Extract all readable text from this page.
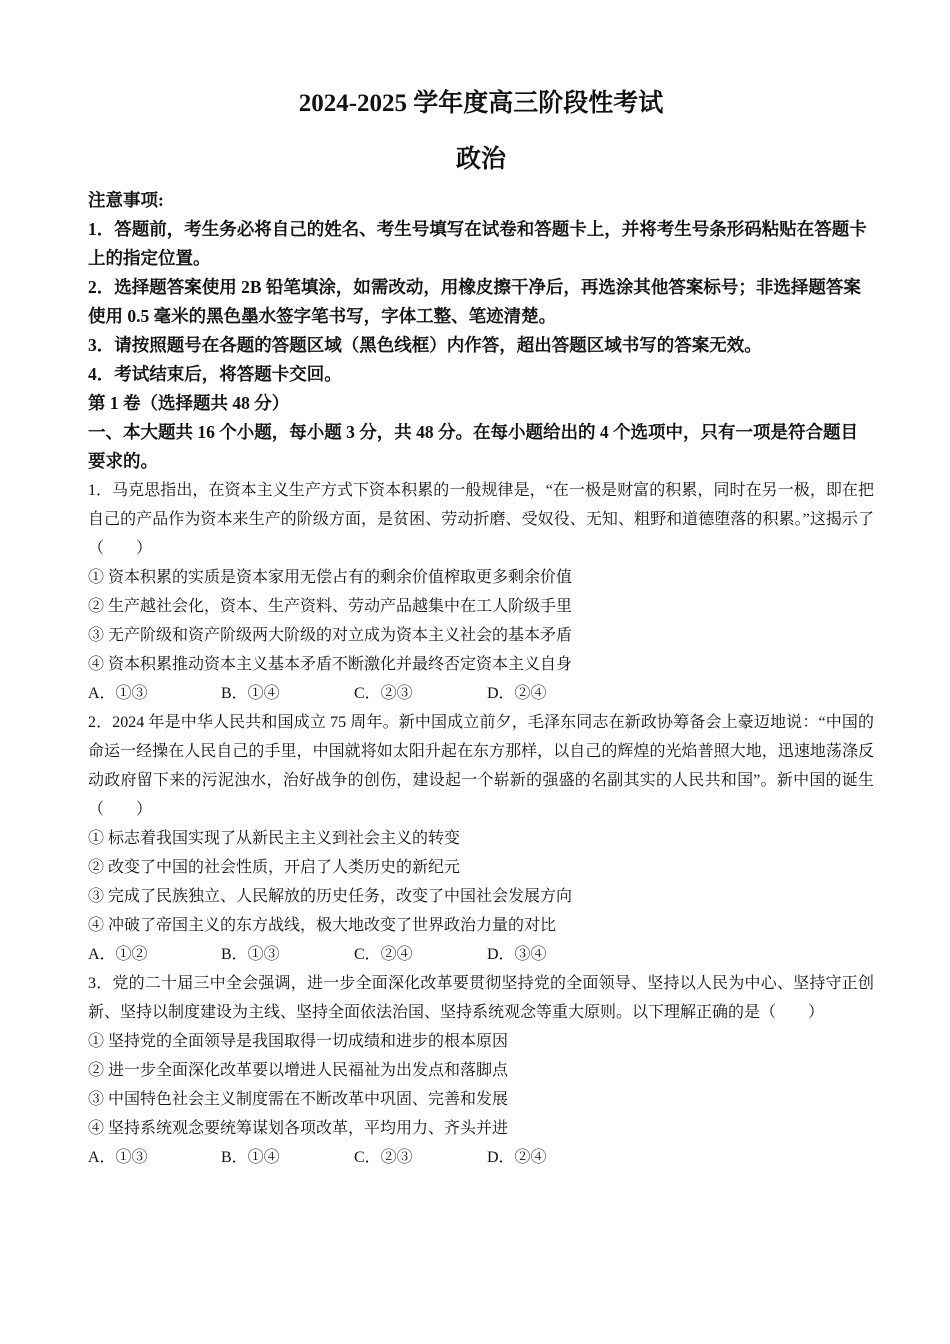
2024-2025 学年度高三阶段性考试
政治

注意事项:

1．答题前，考生务必将自己的姓名、考生号填写在试卷和答题卡上，并将考生号条形码粘贴在答题卡上的指定位置。

2．选择题答案使用 2B 铅笔填涂，如需改动，用橡皮擦干净后，再选涂其他答案标号；非选择题答案使用 0.5 毫米的黑色墨水签字笔书写，字体工整、笔迹清楚。

3．请按照题号在各题的答题区域（黑色线框）内作答，超出答题区域书写的答案无效。

4．考试结束后，将答题卡交回。

第 1 卷（选择题共 48 分）

一、本大题共 16 个小题，每小题 3 分，共 48 分。在每小题给出的 4 个选项中，只有一项是符合题目要求的。

1．马克思指出，在资本主义生产方式下资本积累的一般规律是，“在一极是财富的积累，同时在另一极，即在把自己的产品作为资本来生产的阶级方面，是贫困、劳动折磨、受奴役、无知、粗野和道德堕落的积累。”这揭示了（　　）

① 资本积累的实质是资本家用无偿占有的剩余价值榨取更多剩余价值

② 生产越社会化，资本、生产资料、劳动产品越集中在工人阶级手里

③ 无产阶级和资产阶级两大阶级的对立成为资本主义社会的基本矛盾

④ 资本积累推动资本主义基本矛盾不断激化并最终否定资本主义自身

A．①③	B．①④	C．②③	D．②④

2．2024 年是中华人民共和国成立 75 周年。新中国成立前夕，毛泽东同志在新政协筹备会上豪迈地说：“中国的命运一经操在人民自己的手里，中国就将如太阳升起在东方那样，以自己的辉煌的光焰普照大地，迅速地荡涤反动政府留下来的污泥浊水，治好战争的创伤，建设起一个崭新的强盛的名副其实的人民共和国”。新中国的诞生（　　）

① 标志着我国实现了从新民主主义到社会主义的转变

② 改变了中国的社会性质，开启了人类历史的新纪元

③ 完成了民族独立、人民解放的历史任务，改变了中国社会发展方向

④ 冲破了帝国主义的东方战线，极大地改变了世界政治力量的对比

A．①②	B．①③	C．②④	D．③④

3．党的二十届三中全会强调，进一步全面深化改革要贯彻坚持党的全面领导、坚持以人民为中心、坚持守正创新、坚持以制度建设为主线、坚持全面依法治国、坚持系统观念等重大原则。以下理解正确的是（　　）

① 坚持党的全面领导是我国取得一切成绩和进步的根本原因

② 进一步全面深化改革要以增进人民福祉为出发点和落脚点

③ 中国特色社会主义制度需在不断改革中巩固、完善和发展

④ 坚持系统观念要统筹谋划各项改革，平均用力、齐头并进

A．①③	B．①④	C．②③	D．②④
